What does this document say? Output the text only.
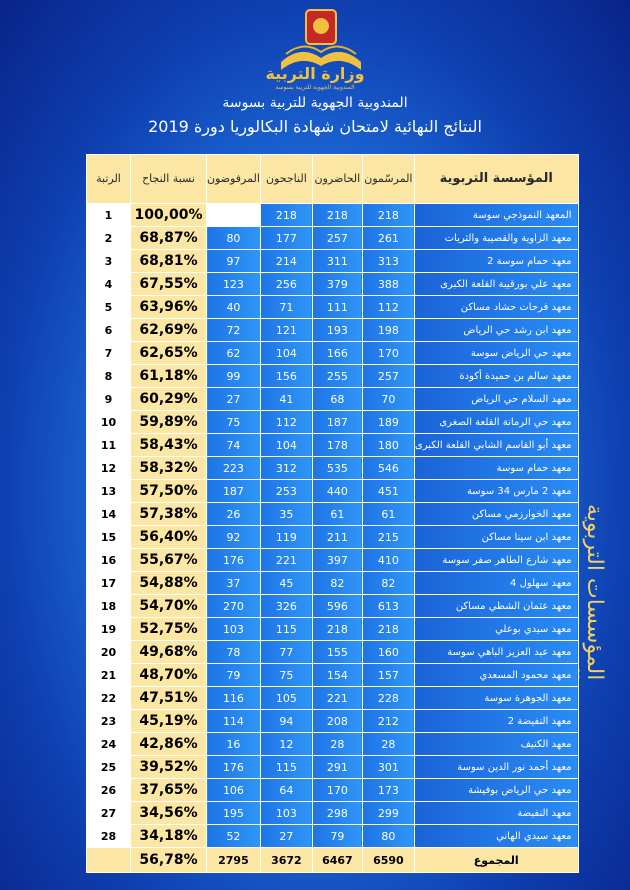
وزارة التربية
المندوبية الجهوية للتربية بسوسة
المندوبية الجهوية للتربية بسوسة
النتائج النهائية لامتحان شهادة البكالوريا دورة 2019
المؤسسات التربوية
الرتبة	نسبة النجاح	المرفوضون	الناجحون	الحاضرون	المرسّمون	المؤسسة التربوية
1	100,00%		218	218	218	المعهد النموذجي سوسة
2	68,87%	80	177	257	261	معهد الزاوية والقصيبة والثريات
3	68,81%	97	214	311	313	معهد حمام سوسة 2
4	67,55%	123	256	379	388	معهد علي بورقيبة القلعة الكبرى
5	63,96%	40	71	111	112	معهد فرحات حشاد مساكن
6	62,69%	72	121	193	198	معهد ابن رشد حي الرياض
7	62,65%	62	104	166	170	معهد حي الرياض سوسة
8	61,18%	99	156	255	257	معهد سالم بن حميدة أكودة
9	60,29%	27	41	68	70	معهد السلام حي الرياض
10	59,89%	75	112	187	189	معهد حي الرمانة القلعة الصغرى
11	58,43%	74	104	178	180	معهد أبو القاسم الشابي القلعة الكبرى
12	58,32%	223	312	535	546	معهد حمام سوسة
13	57,50%	187	253	440	451	معهد 2 مارس 34 سوسة
14	57,38%	26	35	61	61	معهد الخوارزمي مساكن
15	56,40%	92	119	211	215	معهد ابن سينا مساكن
16	55,67%	176	221	397	410	معهد شارع الطاهر صفر سوسة
17	54,88%	37	45	82	82	معهد سهلول 4
18	54,70%	270	326	596	613	معهد عثمان الشطي مساكن
19	52,75%	103	115	218	218	معهد سيدي بوعلي
20	49,68%	78	77	155	160	معهد عبد العزيز الباهي سوسة
21	48,70%	79	75	154	157	معهد محمود المسعدي
22	47,51%	116	105	221	228	معهد الجوهرة سوسة
23	45,19%	114	94	208	212	معهد النفيضة 2
24	42,86%	16	12	28	28	معهد الكنيف
25	39,52%	176	115	291	301	معهد أحمد نور الدين سوسة
26	37,65%	106	64	170	173	معهد حي الرياض بوفيشة
27	34,56%	195	103	298	299	معهد النفيضة
28	34,18%	52	27	79	80	معهد سيدي الهاني
	56,78%	2795	3672	6467	6590	المجموع
